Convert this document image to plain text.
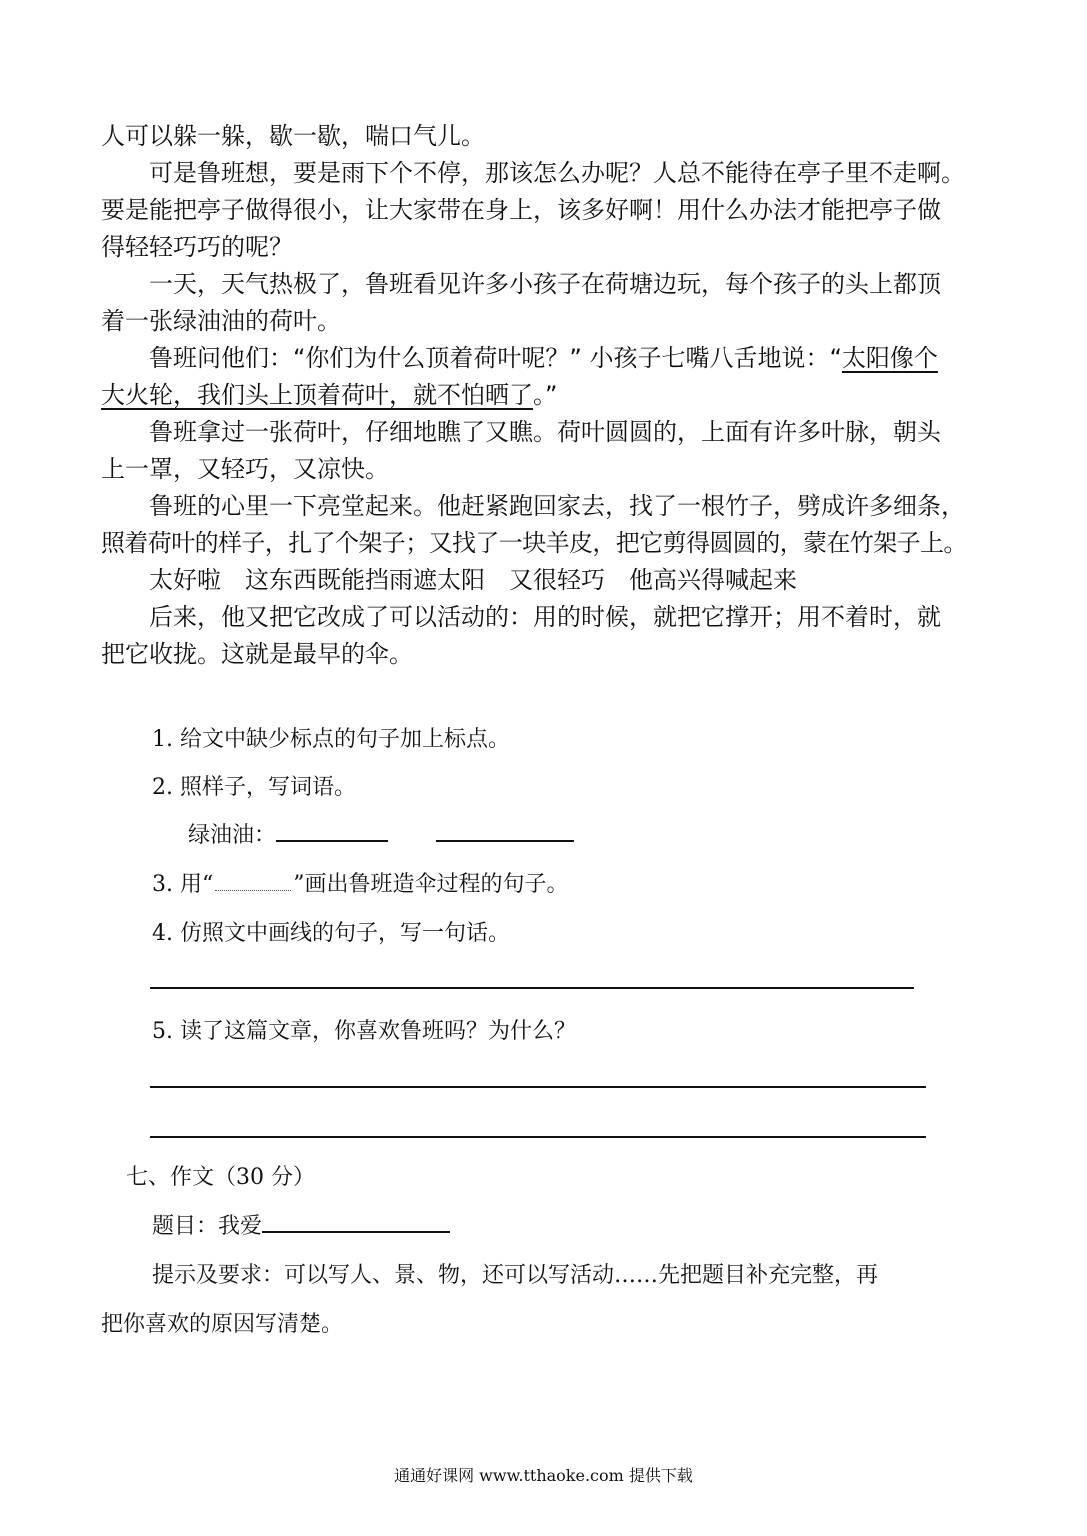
人可以躲一躲，歇一歇，喘口气儿。
可是鲁班想，要是雨下个不停，那该怎么办呢？人总不能待在亭子里不走啊。
要是能把亭子做得很小，让大家带在身上，该多好啊！用什么办法才能把亭子做
得轻轻巧巧的呢？
一天，天气热极了，鲁班看见许多小孩子在荷塘边玩，每个孩子的头上都顶
着一张绿油油的荷叶。
鲁班问他们：“你们为什么顶着荷叶呢？” 小孩子七嘴八舌地说：“太阳像个
大火轮，我们头上顶着荷叶，就不怕晒了。”
鲁班拿过一张荷叶，仔细地瞧了又瞧。荷叶圆圆的，上面有许多叶脉，朝头
上一罩，又轻巧，又凉快。
鲁班的心里一下亮堂起来。他赶紧跑回家去，找了一根竹子，劈成许多细条，
照着荷叶的样子，扎了个架子；又找了一块羊皮，把它剪得圆圆的，蒙在竹架子上。
太好啦　这东西既能挡雨遮太阳　又很轻巧　他高兴得喊起来
后来，他又把它改成了可以活动的：用的时候，就把它撑开；用不着时，就
把它收拢。这就是最早的伞。
1. 给文中缺少标点的句子加上标点。
2. 照样子，写词语。
绿油油：
3. 用“	”画出鲁班造伞过程的句子。
4. 仿照文中画线的句子，写一句话。
5. 读了这篇文章，你喜欢鲁班吗？为什么？
七、作文（30 分）
题目：我爱
提示及要求：可以写人、景、物，还可以写活动……先把题目补充完整，再
把你喜欢的原因写清楚。
通通好课网 www.tthaoke.com 提供下载
